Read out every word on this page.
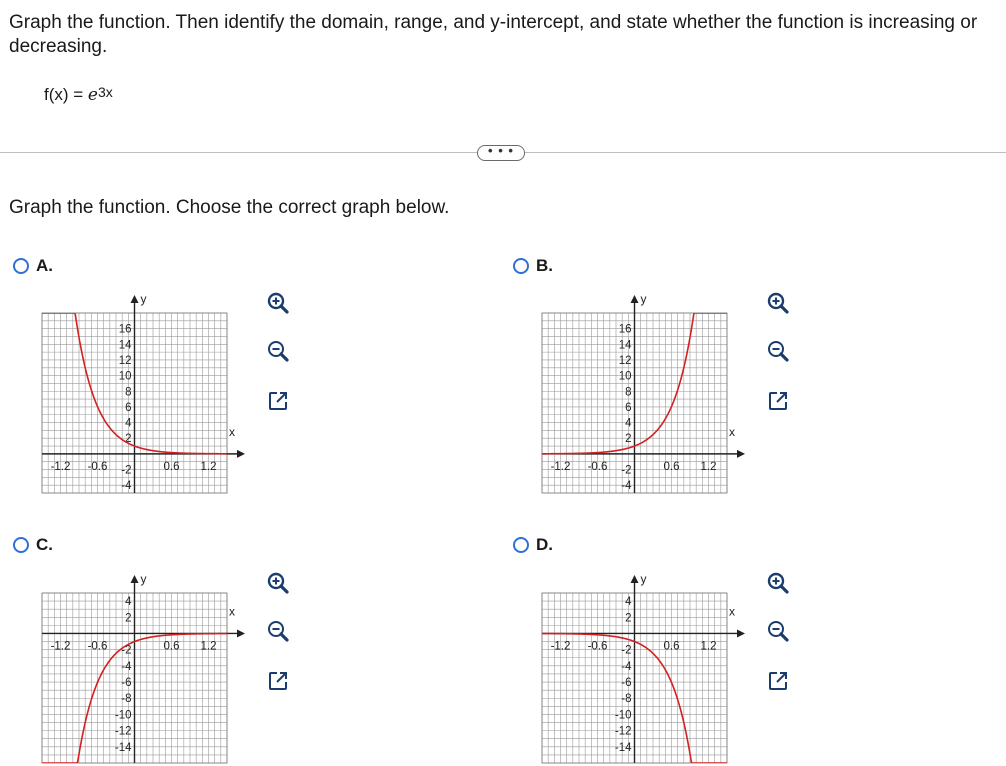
Graph the function. Then identify the domain, range, and y-intercept, and state whether the function is increasing or decreasing.
$f(x) = e^{3x}$
• • •
Graph the function. Choose the correct graph below.
A.	B.
C.	D.
x
y
16
14
12
10
8
6
4
2
-2
-4
-1.2 -0.6	0.6 1.2
x
y
16
14
12
10
8
6
4
2
-2
-4
-1.2 -0.6	0.6 1.2
x
y
4
2
-2
-4
-6
-8
-10
-12
-14
-1.2 -0.6	0.6 1.2
x
y
4
2
-2
-4
-6
-8
-10
-12
-14
-1.2 -0.6	0.6 1.2
